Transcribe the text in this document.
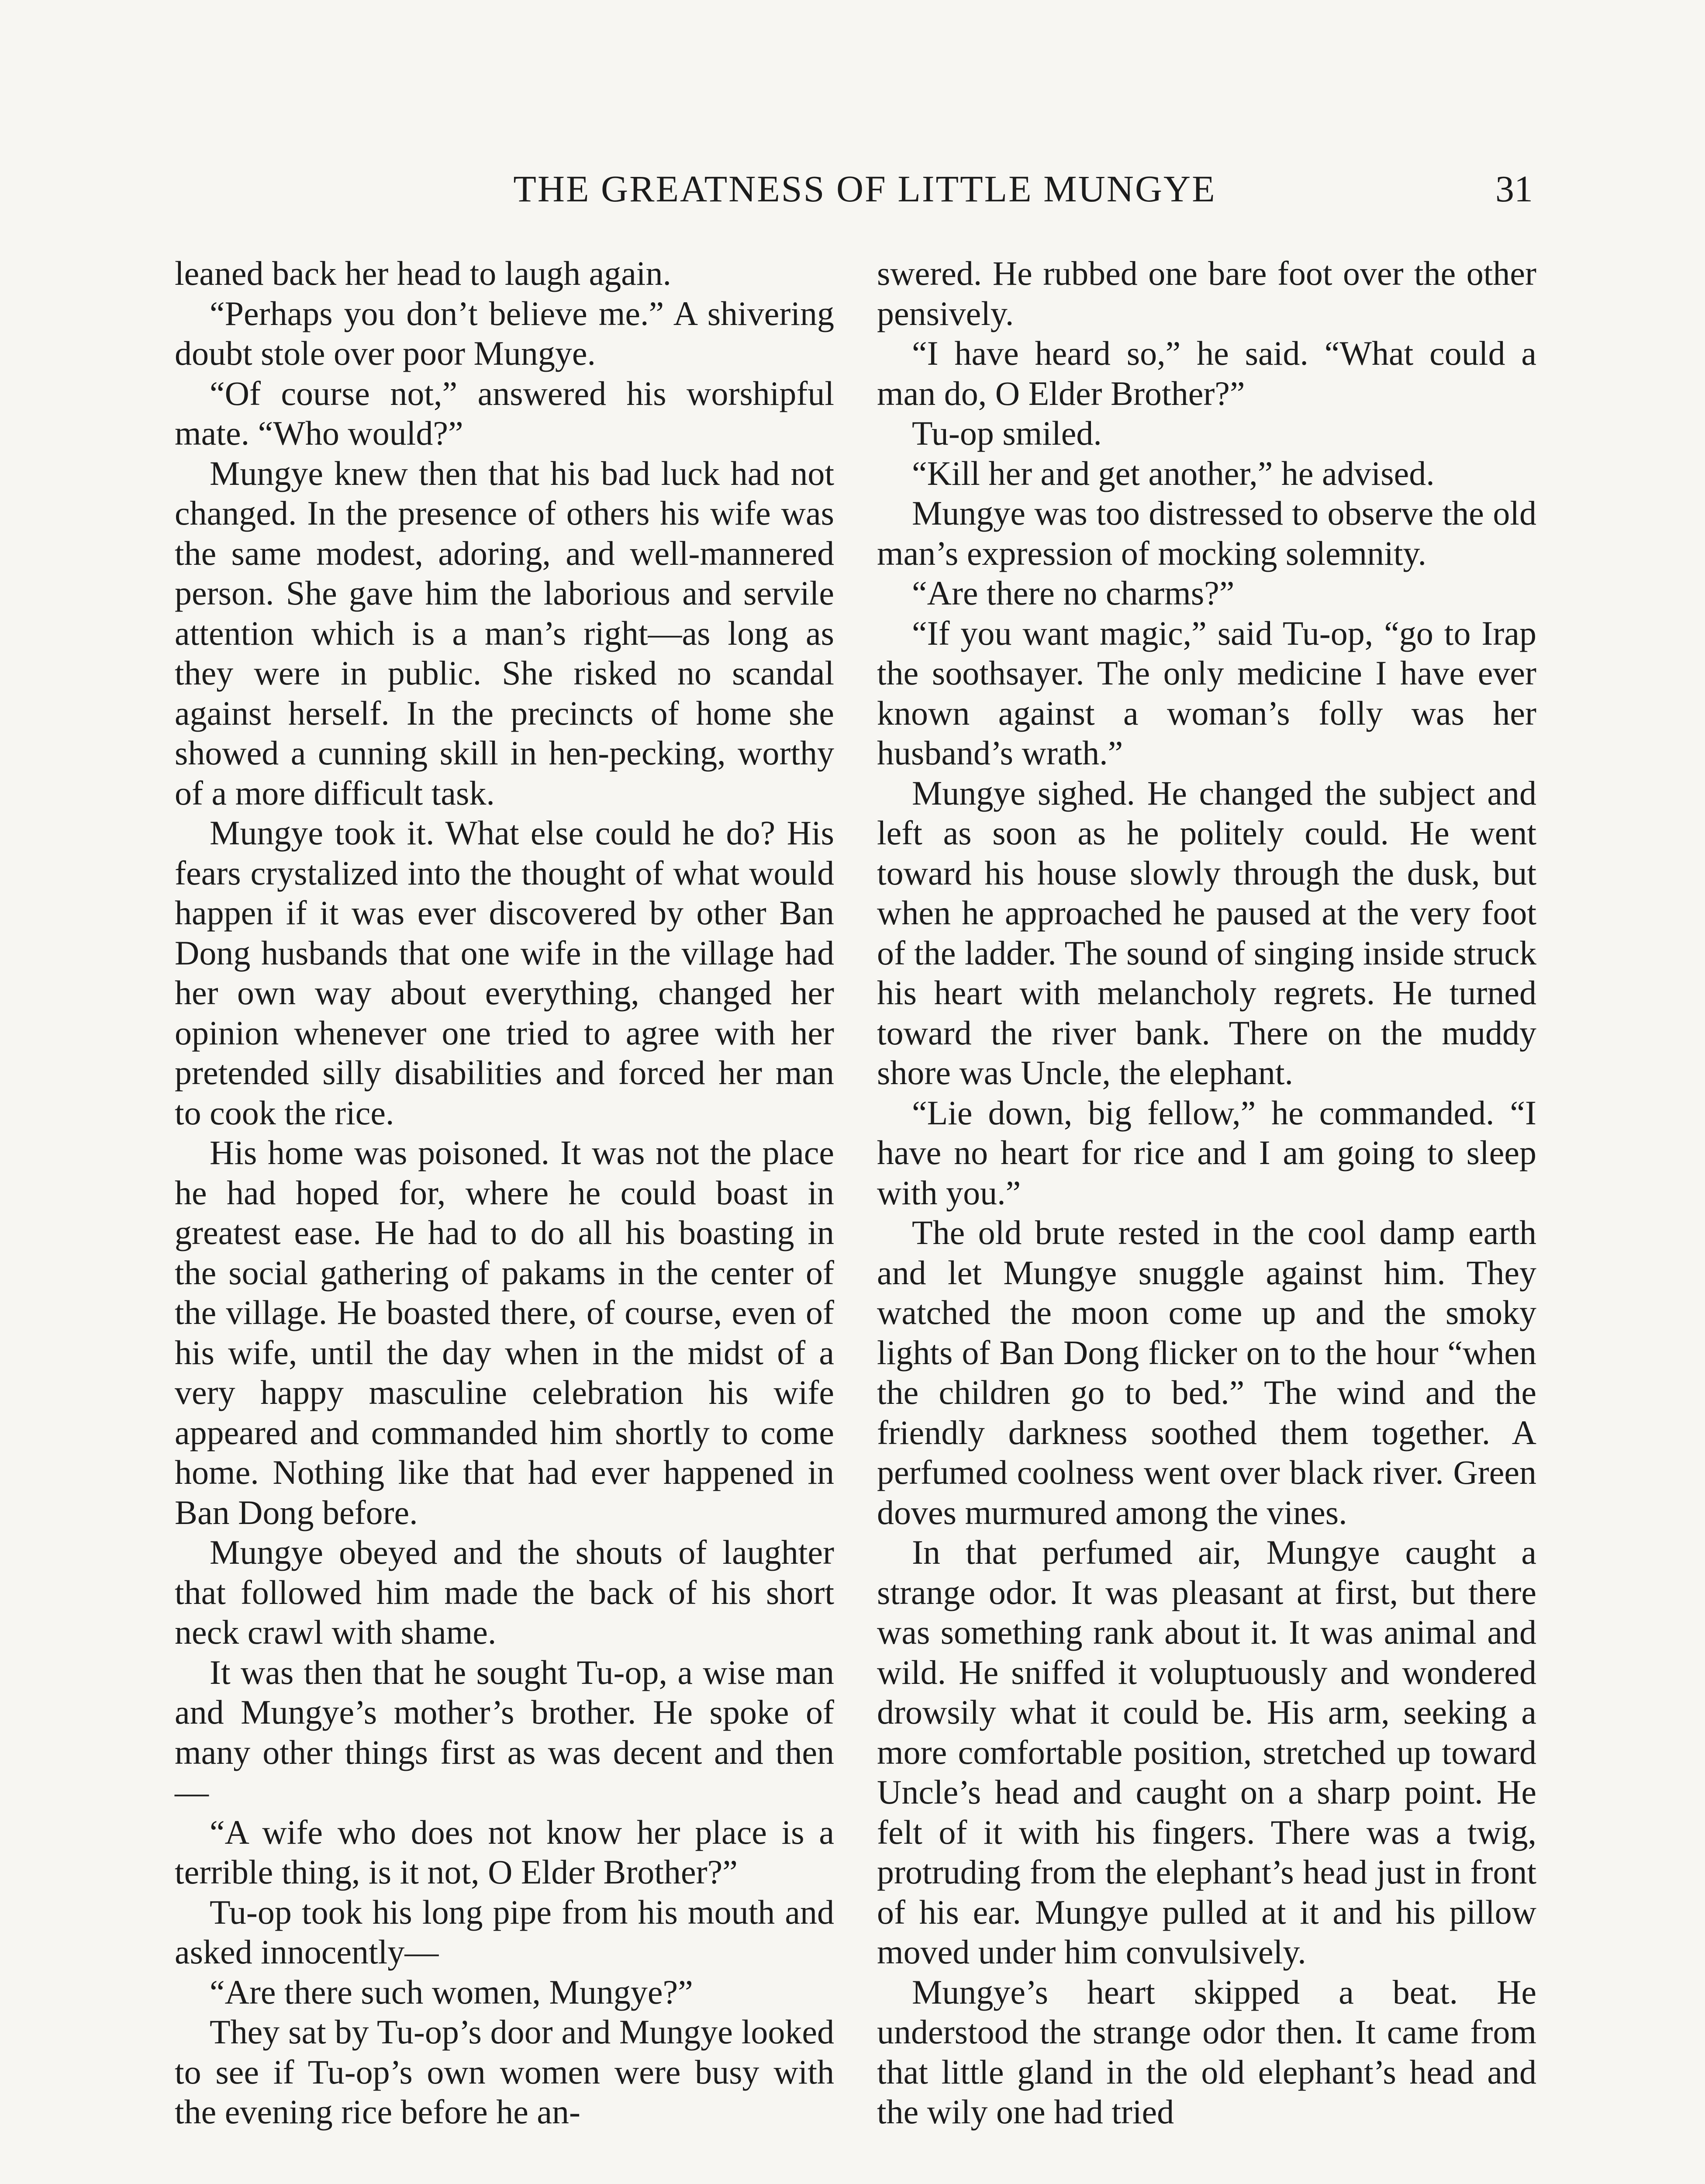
THE GREATNESS OF LITTLE MUNGYE	31

leaned back her head to laugh again.

“Perhaps you don’t believe me.” A shivering doubt stole over poor Mungye.

“Of course not,” answered his worshipful mate. “Who would?”

Mungye knew then that his bad luck had not changed. In the presence of others his wife was the same modest, adoring, and well-mannered person. She gave him the laborious and servile attention which is a man’s right—as long as they were in public. She risked no scandal against herself. In the precincts of home she showed a cunning skill in hen-pecking, worthy of a more difficult task.

Mungye took it. What else could he do? His fears crystalized into the thought of what would happen if it was ever discovered by other Ban Dong husbands that one wife in the village had her own way about everything, changed her opinion whenever one tried to agree with her pretended silly disabilities and forced her man to cook the rice.

His home was poisoned. It was not the place he had hoped for, where he could boast in greatest ease. He had to do all his boasting in the social gathering of pakams in the center of the village. He boasted there, of course, even of his wife, until the day when in the midst of a very happy masculine celebration his wife appeared and commanded him shortly to come home. Nothing like that had ever happened in Ban Dong before.

Mungye obeyed and the shouts of laughter that followed him made the back of his short neck crawl with shame.

It was then that he sought Tu-op, a wise man and Mungye’s mother’s brother. He spoke of many other things first as was decent and then—

“A wife who does not know her place is a terrible thing, is it not, O Elder Brother?”

Tu-op took his long pipe from his mouth and asked innocently—

“Are there such women, Mungye?”

They sat by Tu-op’s door and Mungye looked to see if Tu-op’s own women were busy with the evening rice before he an-

swered. He rubbed one bare foot over the other pensively.

“I have heard so,” he said. “What could a man do, O Elder Brother?”

Tu-op smiled.

“Kill her and get another,” he advised.

Mungye was too distressed to observe the old man’s expression of mocking solemnity.

“Are there no charms?”

“If you want magic,” said Tu-op, “go to Irap the soothsayer. The only medicine I have ever known against a woman’s folly was her husband’s wrath.”

Mungye sighed. He changed the subject and left as soon as he politely could. He went toward his house slowly through the dusk, but when he approached he paused at the very foot of the ladder. The sound of singing inside struck his heart with melancholy regrets. He turned toward the river bank. There on the muddy shore was Uncle, the elephant.

“Lie down, big fellow,” he commanded. “I have no heart for rice and I am going to sleep with you.”

The old brute rested in the cool damp earth and let Mungye snuggle against him. They watched the moon come up and the smoky lights of Ban Dong flicker on to the hour “when the children go to bed.” The wind and the friendly darkness soothed them together. A perfumed coolness went over black river. Green doves murmured among the vines.

In that perfumed air, Mungye caught a strange odor. It was pleasant at first, but there was something rank about it. It was animal and wild. He sniffed it voluptuously and wondered drowsily what it could be. His arm, seeking a more comfortable position, stretched up toward Uncle’s head and caught on a sharp point. He felt of it with his fingers. There was a twig, protruding from the elephant’s head just in front of his ear. Mungye pulled at it and his pillow moved under him convulsively.

Mungye’s heart skipped a beat. He understood the strange odor then. It came from that little gland in the old elephant’s head and the wily one had tried
